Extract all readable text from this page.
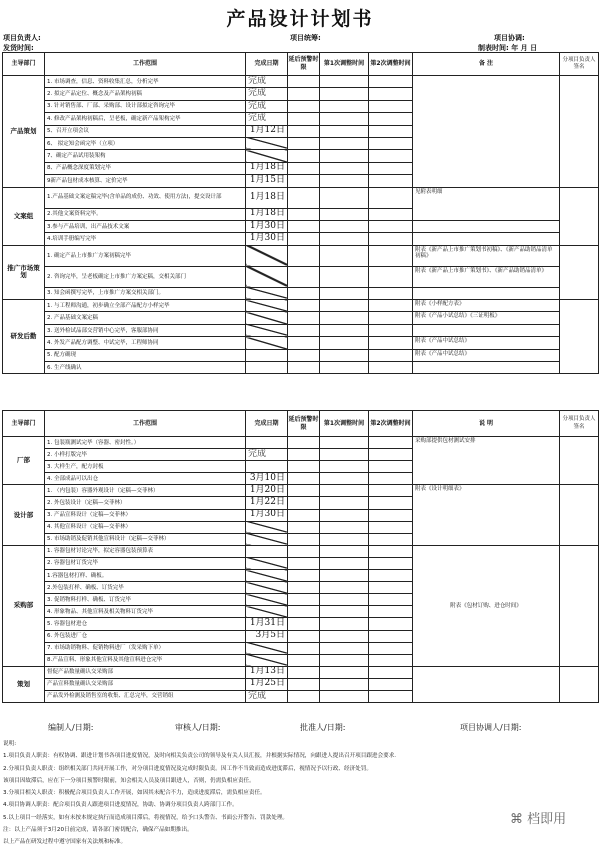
产品设计计划书
项目负责人:	项目统筹:	项目协调:
发货时间:	制表时间: 年 月 日
主导部门	工作范围	完成日期	延后预警时限	第1次调整时间	第2次调整时间	备 注	分项目负责人签名
产品策划	1. 市场调查，信息、资料收集汇总，分析完毕	完成					
	2. 拟定产品定位、概念及产品架构初稿	完成					
	3. 针对销售部、厂部、采购部、设计部拟定咨询完毕	完成					
	4. 修改产品架构初稿后，呈老板，确定新产品架构完毕	完成					
	5、召开立项会议	1月12日					
	6、 拟定知会函完毕（立项）						
	7、确定产品试用装架构						
	8、产品概念深度策划完毕	1月18日					
	9新产品包材成本核算、定价完毕	1月15日					
文案组	1.产品基础文案定稿完毕(含单品的成份、功效、使用方法)，提交设计部	1月18日				见附表明细	
	2.其他文案资料完毕。	1月18日					
	3.参与产品培训，出产品技术文案	1月30日					
	4.培训手册编写完毕	1月30日					
推广市场策划	1. 确定产品上市推广方案初稿完毕					附表《新产品上市推广策划书初稿》、《新产品助销品清单初稿》	
	2. 咨询完毕，呈老板确定上市推广方案定稿，交相关部门					附表《新产品上市推广策划书》、《新产品助销品清单》	
	3. 知会函撰写完毕，上市推广方案交相关部门。						
研发后勤	1. 与工程师沟通，初步确立全部产品配方小样完毕					附表《小样配方表》	
	2. 产品基础文案定稿					附表《产品小试总结》《三证明板》	
	3. 送外检试品部交营销中心完毕，客服部协同						
	4. 外发产品配方调整、中试完毕，工程师协同					附表《产品中试总结》	
	5. 配方确现					附表《产品中试总结》	
	6. 生产线确认						
主导部门	工作范围	完成日期	延后预警时限	第1次调整时间	第2次调整时间	说 明	分项目负责人签名
厂部	1. 包装瓶测试完毕（容器、密封性。）					采购部提供包材测试安排	
	2. 小样打版完毕	完成					
	3. 大样生产，配方封板						
	4. 全部成品可以出仓	3月10日					
设计部	1. （内包装）容器外观设计（定稿—交菲林）	1月20日				附表《设计明细表》	
	2. 外包装设计（定稿—交菲林）	1月22日					
	3. 产品宣料设计（定稿—交菲林）	1月30日					
	4. 其他宣料设计（定稿—交菲林）						
	5. 市场助销及促销其他宣料设计（定稿—交菲林）						
采购部	1. 容器包材讨论完毕，拟定容器包装预算表					附表《包材订购、进仓时间》	
	2. 容器包材订货完毕						
	1.容器包材打样、确板。						
	2.外包装打样、确板、订货完毕						
	3. 促销物料打样、确板、订货完毕						
	4. 形象物品、其他宣料及相关物料订货完毕						
	5. 容器包材进仓	1月31日					
	6. 外包装进厂仓	3月5日					
	7. 市场助销物料、促销物料进厂（发采购下单）						
	8.产品宣料、形象其他宣料及其他宣料进仓完毕						
策划	督促产品数量确认交采购部	1月13日					
	产品宣料数量确认交采购部	1月25日					
	产品发外检测及销售室的收集、汇总完毕，交营销组	完成					
编制人/日期:	审核人/日期:	批准人/日期:	项目协调人/日期:
说明:
1.项目负责人职责：有权协调、跟进计划书各项目进度情况，及时向相关负责公司的领导及有关人员汇报，并根据实际情况，向跟进人提出召开项目跟进会要求.
2.分项目负责人职责：组织相关部门共同开展工作，对分项目进度情况及完成时限负责。因工作不当致而造成进度滞后，视情况予以行政、经济处罚。
该项目因故滞后，应在下一分项目预警时限前，知会相关人员及项目跟进人，否则，仍需负相应责任。
3.分项目相关人职责：积极配合项目负责人工作开展，如因其未配合不力，造成进度滞后，需负相应责任。
4.项目协调人职责：配合项目负责人跟进项目进度情况，协助、协调分项目负责人跨部门工作。
5.以上项目一经落实，如有未按本规定执行而造成项目滞后，将视情况，给予口头警告、书面公开警告、罚款处理。
注：以上产品须于3月20日前完成，请各部门密切配合，确保产品如期推出。
以上产品在研发过程中遵守国家有关法规和标准。
⌘ 档即用
